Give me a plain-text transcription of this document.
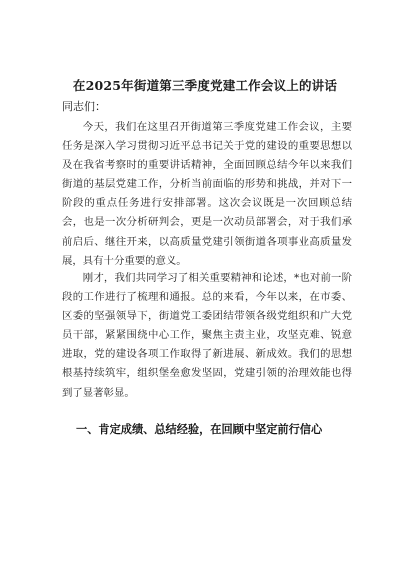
在2025年街道第三季度党建工作会议上的讲话
同志们：

今天，我们在这里召开街道第三季度党建工作会议，主要任务是深入学习贯彻习近平总书记关于党的建设的重要思想以及在我省考察时的重要讲话精神，全面回顾总结今年以来我们街道的基层党建工作，分析当前面临的形势和挑战，并对下一阶段的重点任务进行安排部署。这次会议既是一次回顾总结会，也是一次分析研判会，更是一次动员部署会，对于我们承前启后、继往开来，以高质量党建引领街道各项事业高质量发展，具有十分重要的意义。

刚才，我们共同学习了相关重要精神和论述，*也对前一阶段的工作进行了梳理和通报。总的来看，今年以来，在市委、区委的坚强领导下，街道党工委团结带领各级党组织和广大党员干部，紧紧围绕中心工作，聚焦主责主业，攻坚克难、锐意进取，党的建设各项工作取得了新进展、新成效。我们的思想根基持续筑牢，组织堡垒愈发坚固，党建引领的治理效能也得到了显著彰显。

一、肯定成绩、总结经验，在回顾中坚定前行信心
